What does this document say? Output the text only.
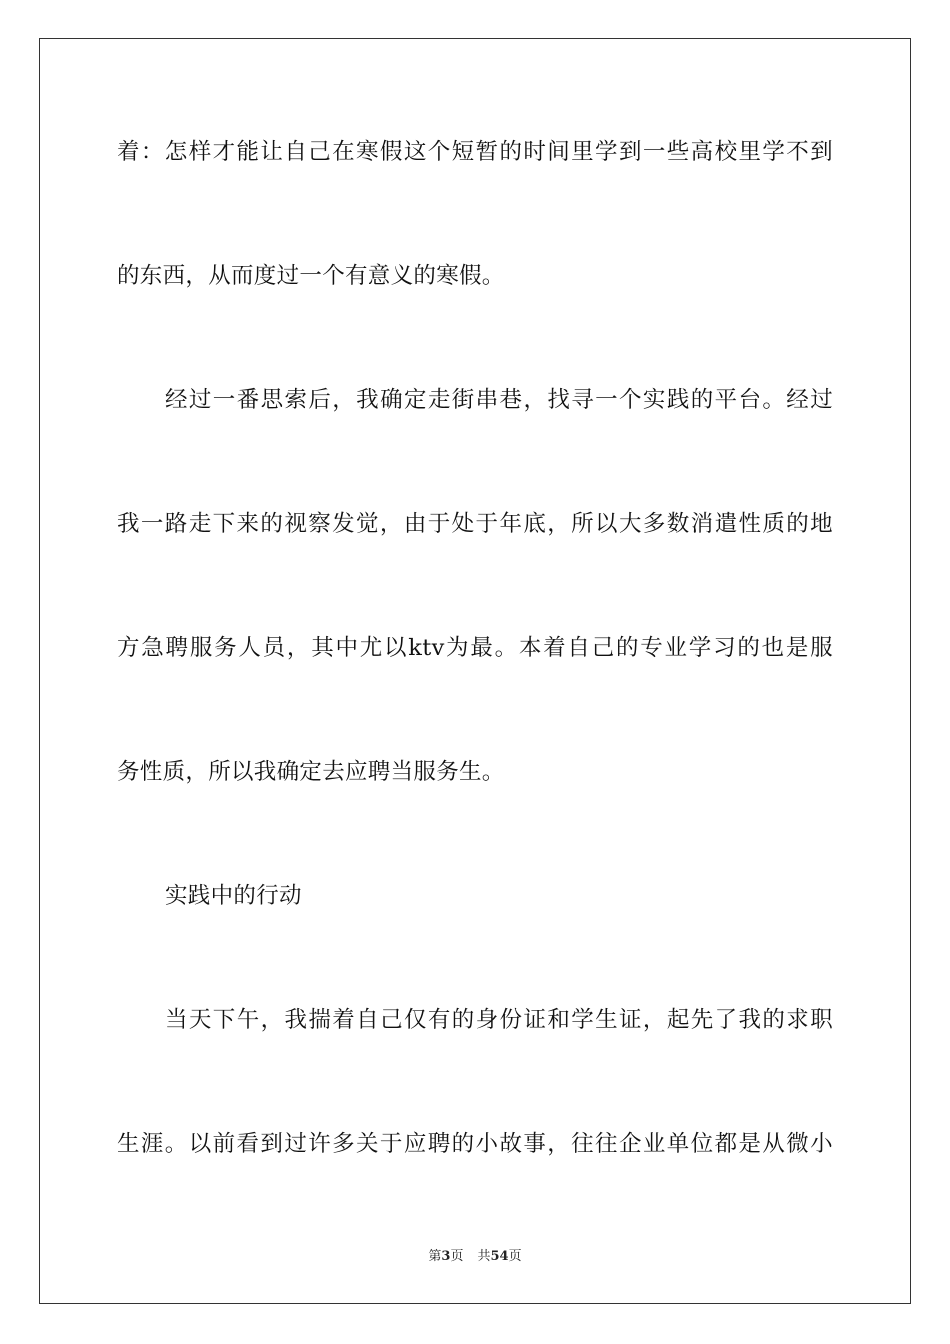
着：怎样才能让自己在寒假这个短暂的时间里学到一些高校里学不到
的东西，从而度过一个有意义的寒假。
经过一番思索后，我确定走街串巷，找寻一个实践的平台。经过
我一路走下来的视察发觉，由于处于年底，所以大多数消遣性质的地
方急聘服务人员，其中尤以ktv为最。本着自己的专业学习的也是服
务性质，所以我确定去应聘当服务生。
实践中的行动
当天下午，我揣着自己仅有的身份证和学生证，起先了我的求职
生涯。以前看到过许多关于应聘的小故事，往往企业单位都是从微小
第3页 共54页
